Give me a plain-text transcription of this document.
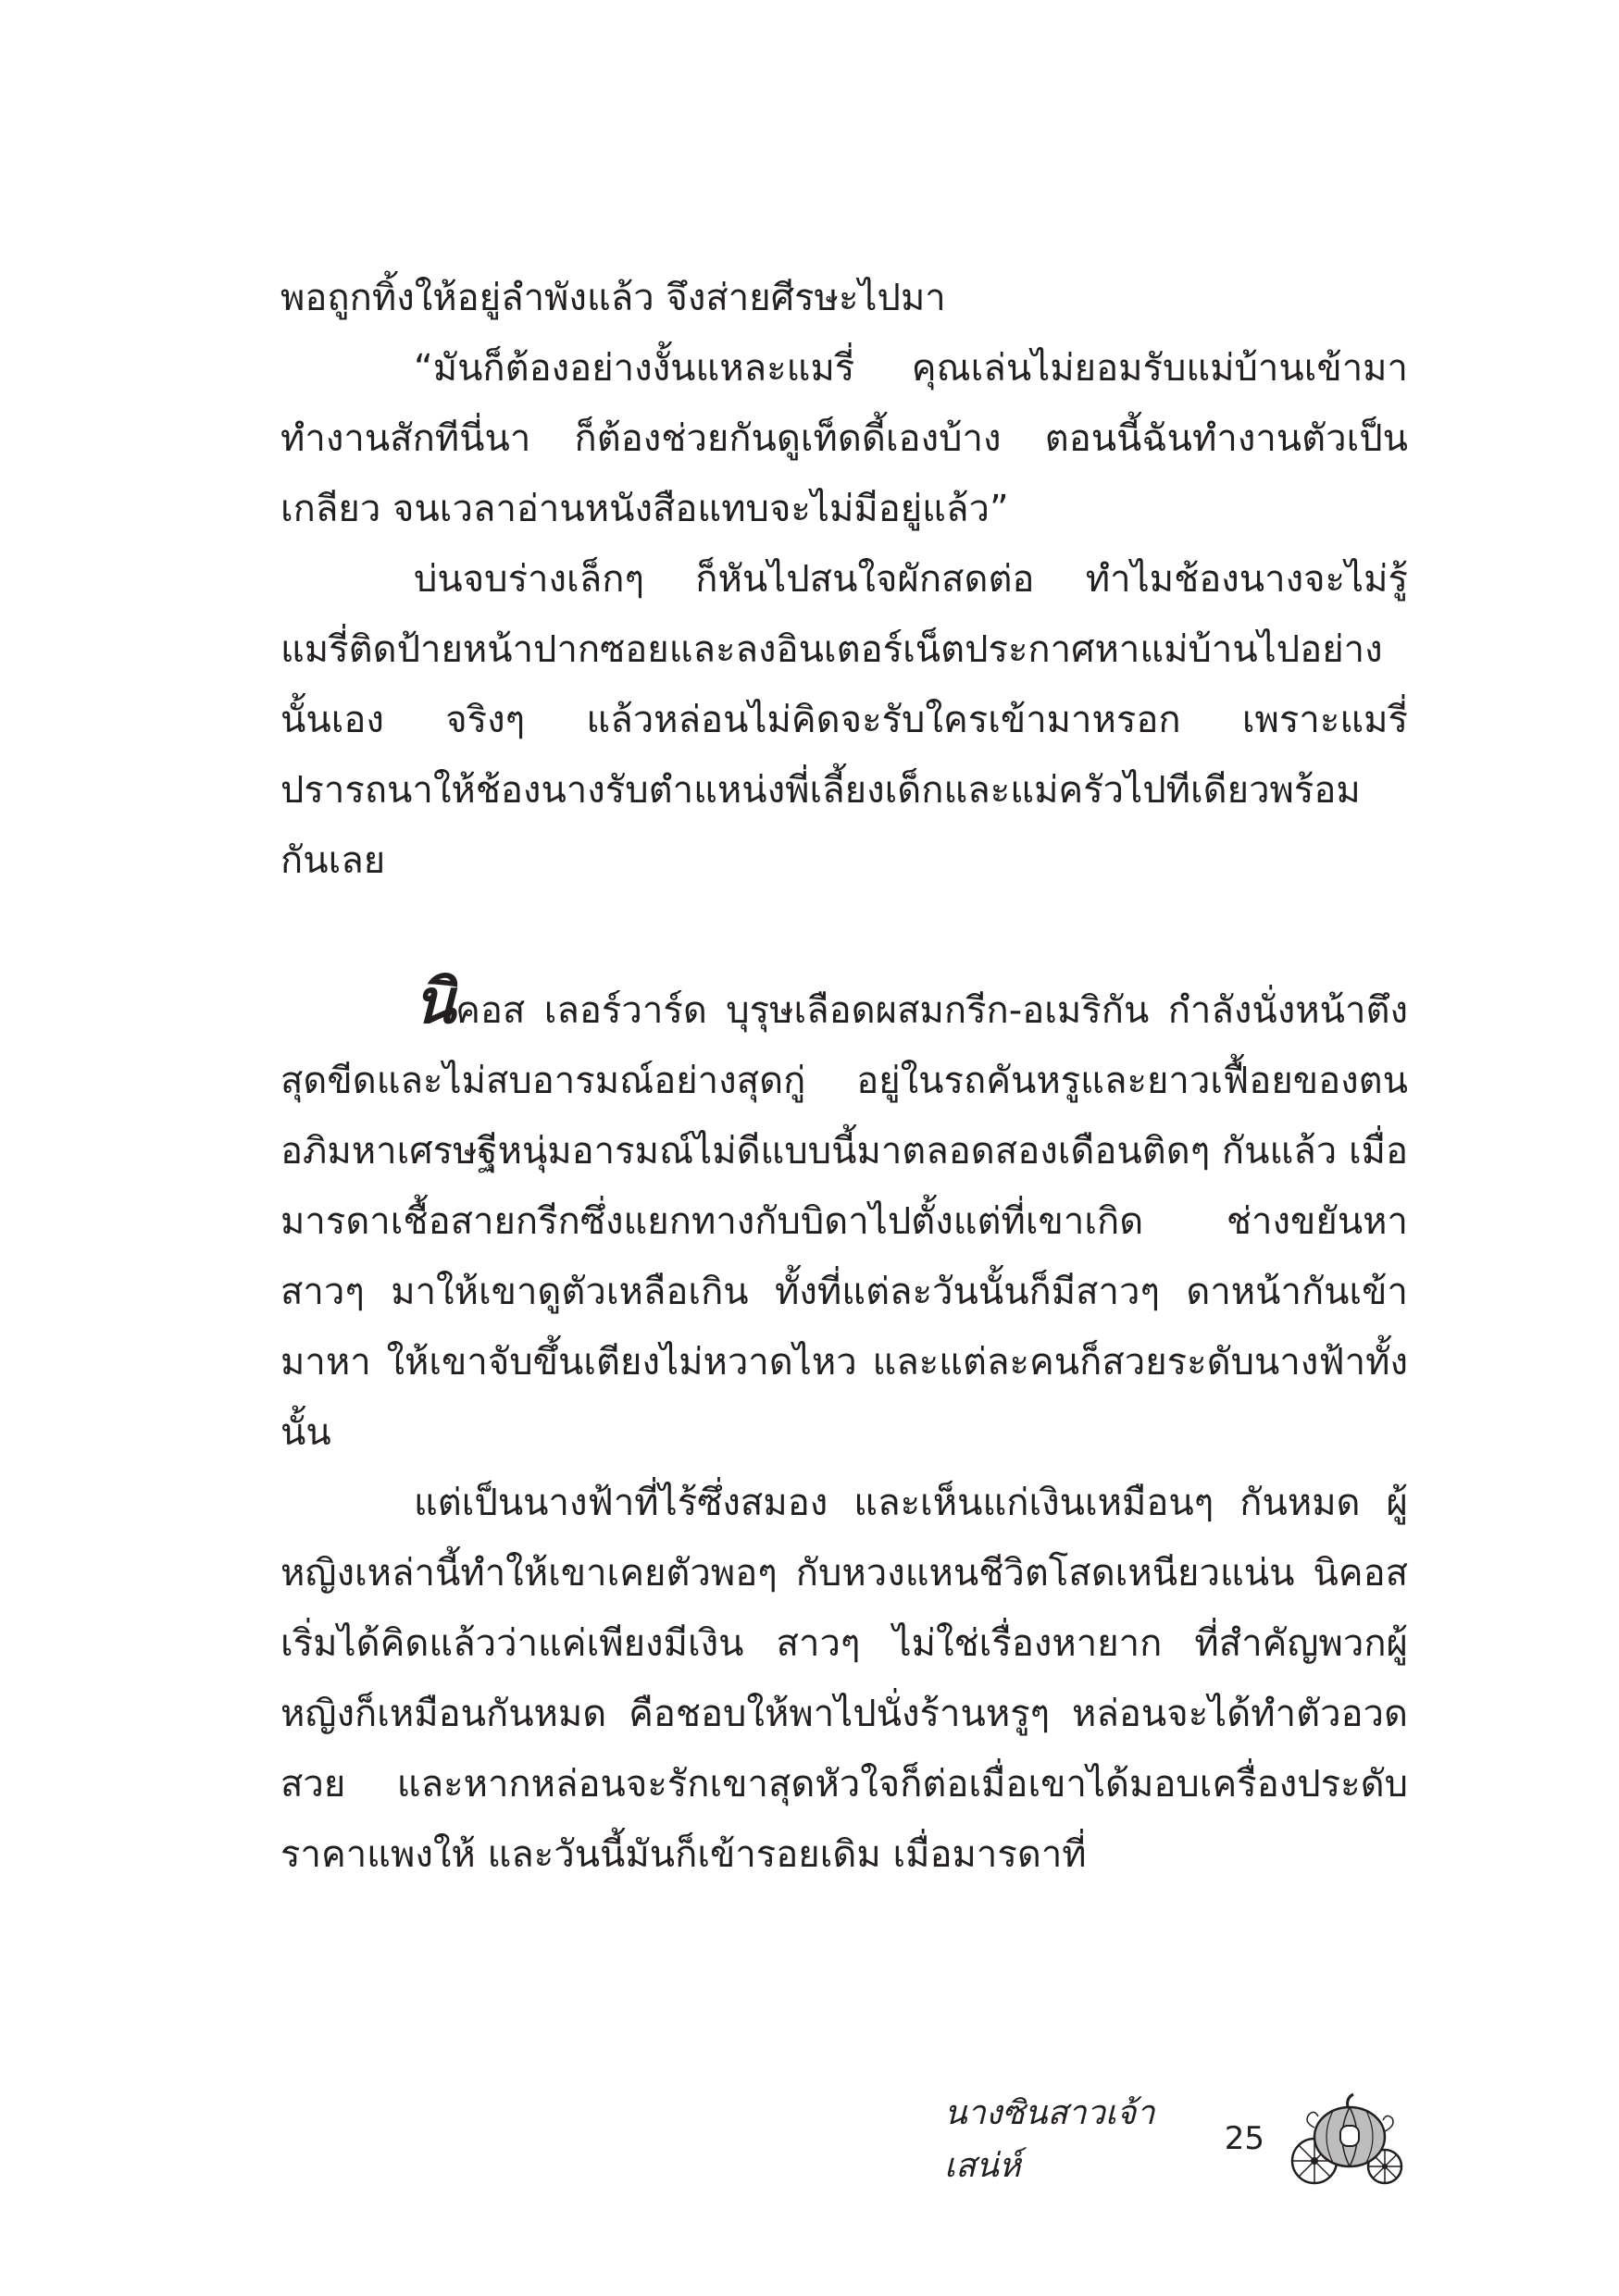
พอถูกทิ้งให้อยู่ลำพังแล้ว จึงส่ายศีรษะไปมา

“มันก็ต้องอย่างงั้นแหละแมรี่ คุณเล่นไม่ยอมรับแม่บ้านเข้ามาทำงานสักทีนี่นา ก็ต้องช่วยกันดูเท็ดดี้เองบ้าง ตอนนี้ฉันทำงานตัวเป็นเกลียว จนเวลาอ่านหนังสือแทบจะไม่มีอยู่แล้ว”

บ่นจบร่างเล็กๆ ก็หันไปสนใจผักสดต่อ ทำไมช้องนางจะไม่รู้ แมรี่ติดป้ายหน้าปากซอยและลงอินเตอร์เน็ตประกาศหาแม่บ้านไปอย่างนั้นเอง จริงๆ แล้วหล่อนไม่คิดจะรับใครเข้ามาหรอก เพราะแมรี่ปรารถนาให้ช้องนางรับตำแหน่งพี่เลี้ยงเด็กและแม่ครัวไปทีเดียวพร้อมกันเลย

นิคอส เลอร์วาร์ด บุรุษเลือดผสมกรีก-อเมริกัน กำลังนั่งหน้าตึงสุดขีดและไม่สบอารมณ์อย่างสุดกู่ อยู่ในรถคันหรูและยาวเฟื้อยของตน อภิมหาเศรษฐีหนุ่มอารมณ์ไม่ดีแบบนี้มาตลอดสองเดือนติดๆ กันแล้ว เมื่อมารดาเชื้อสายกรีกซึ่งแยกทางกับบิดาไปตั้งแต่ที่เขาเกิด ช่างขยันหาสาวๆ มาให้เขาดูตัวเหลือเกิน ทั้งที่แต่ละวันนั้นก็มีสาวๆ ดาหน้ากันเข้ามาหา ให้เขาจับขึ้นเตียงไม่หวาดไหว และแต่ละคนก็สวยระดับนางฟ้าทั้งนั้น

แต่เป็นนางฟ้าที่ไร้ซึ่งสมอง และเห็นแก่เงินเหมือนๆ กันหมด ผู้หญิงเหล่านี้ทำให้เขาเคยตัวพอๆ กับหวงแหนชีวิตโสดเหนียวแน่น นิคอสเริ่มได้คิดแล้วว่าแค่เพียงมีเงิน สาวๆ ไม่ใช่เรื่องหายาก ที่สำคัญพวกผู้หญิงก็เหมือนกันหมด คือชอบให้พาไปนั่งร้านหรูๆ หล่อนจะได้ทำตัวอวดสวย และหากหล่อนจะรักเขาสุดหัวใจก็ต่อเมื่อเขาได้มอบเครื่องประดับราคาแพงให้ และวันนี้มันก็เข้ารอยเดิม เมื่อมารดาที่

นางซินสาวเจ้าเสน่ห์
25
